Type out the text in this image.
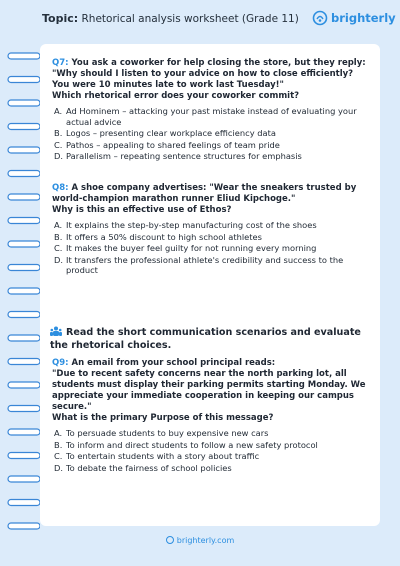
Topic: Rhetorical analysis worksheet (Grade 11)	brighterly

Q7: You ask a coworker for help closing the store, but they reply: "Why should I listen to your advice on how to close efficiently? You were 10 minutes late to work last Tuesday!"

Which rhetorical error does your coworker commit?

A. Ad Hominem – attacking your past mistake instead of evaluating your actual advice
B. Logos – presenting clear workplace efficiency data
C. Pathos – appealing to shared feelings of team pride
D. Parallelism – repeating sentence structures for emphasis

Q8: A shoe company advertises: "Wear the sneakers trusted by world-champion marathon runner Eliud Kipchoge."

Why is this an effective use of Ethos?

A. It explains the step-by-step manufacturing cost of the shoes
B. It offers a 50% discount to high school athletes
C. It makes the buyer feel guilty for not running every morning
D. It transfers the professional athlete's credibility and success to the product
Read the short communication scenarios and evaluate the rhetorical choices.

Q9: An email from your school principal reads:

"Due to recent safety concerns near the north parking lot, all students must display their parking permits starting Monday. We appreciate your immediate cooperation in keeping our campus secure."

What is the primary Purpose of this message?

A. To persuade students to buy expensive new cars
B. To inform and direct students to follow a new safety protocol
C. To entertain students with a story about traffic
D. To debate the fairness of school policies
brighterly.com
